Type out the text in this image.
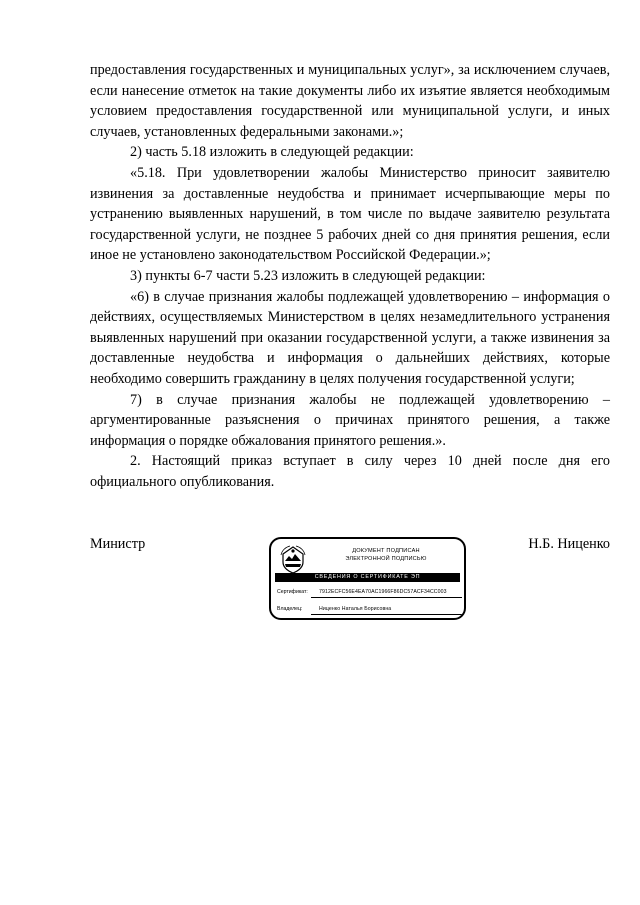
предоставления государственных и муниципальных услуг», за исключением случаев, если нанесение отметок на такие документы либо их изъятие является необходимым условием предоставления государственной или муниципальной услуги, и иных случаев, установленных федеральными законами.»;

2) часть 5.18 изложить в следующей редакции:

«5.18. При удовлетворении жалобы Министерство приносит заявителю извинения за доставленные неудобства и принимает исчерпывающие меры по устранению выявленных нарушений, в том числе по выдаче заявителю результата государственной услуги, не позднее 5 рабочих дней со дня принятия решения, если иное не установлено законодательством Российской Федерации.»;

3) пункты 6-7 части 5.23 изложить в следующей редакции:

«6) в случае признания жалобы подлежащей удовлетворению – информация о действиях, осуществляемых Министерством в целях незамедлительного устранения выявленных нарушений при оказании государственной услуги, а также извинения за доставленные неудобства и информация о дальнейших действиях, которые необходимо совершить гражданину в целях получения государственной услуги;

7) в случае признания жалобы не подлежащей удовлетворению – аргументированные разъяснения о причинах принятого решения, а также информация о порядке обжалования принятого решения.».

2. Настоящий приказ вступает в силу через 10 дней после дня его официального опубликования.

Министр	ДОКУМЕНТ ПОДПИСАН
ЭЛЕКТРОННОЙ ПОДПИСЬЮ
СВЕДЕНИЯ О СЕРТИФИКАТЕ ЭП
Сертификат: 7912ECFC56E4EA70AC1966F86DC57ACF34CC003
Владелец:	Ниценко Наталья Борисовна
Н.Б. Ниценко
